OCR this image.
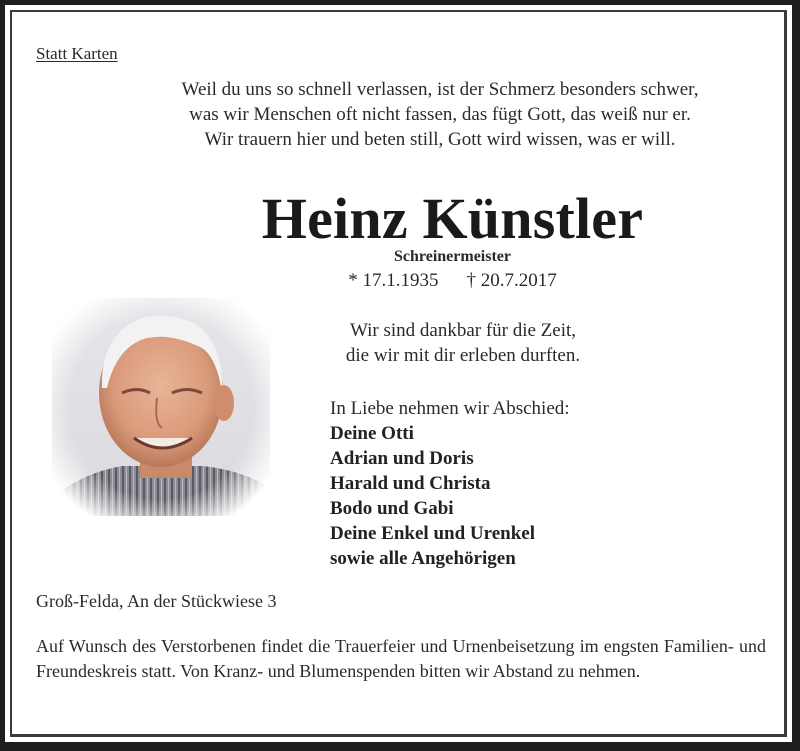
Statt Karten
Weil du uns so schnell verlassen, ist der Schmerz besonders schwer,
was wir Menschen oft nicht fassen, das fügt Gott, das weiß nur er.
Wir trauern hier und beten still, Gott wird wissen, was er will.
Heinz Künstler
Schreinermeister
* 17.1.1935 † 20.7.2017
Wir sind dankbar für die Zeit,
die wir mit dir erleben durften.
In Liebe nehmen wir Abschied:
Deine Otti
Adrian und Doris
Harald und Christa
Bodo und Gabi
Deine Enkel und Urenkel
sowie alle Angehörigen
Groß-Felda, An der Stückwiese 3
Auf Wunsch des Verstorbenen findet die Trauerfeier und Urnenbeisetzung im engsten Familien- und Freundeskreis statt. Von Kranz- und Blumenspenden bitten wir Abstand zu nehmen.
